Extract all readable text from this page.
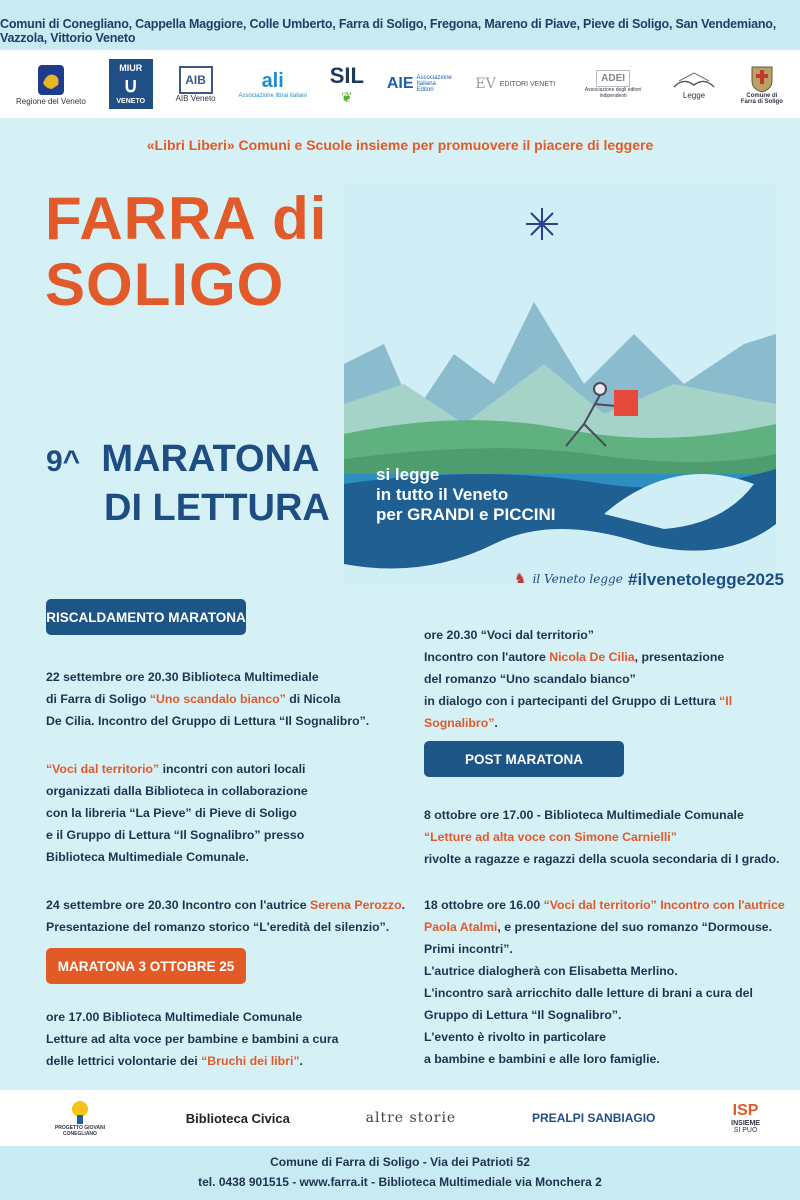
Comuni di Conegliano, Cappella Maggiore, Colle Umberto, Farra di Soligo, Fregona, Mareno di Piave, Pieve di Soligo, San Vendemiano, Vazzola, Vittorio Veneto
Regione del Veneto
MIUR
∪
VENETO
AIB
AIB Veneto
ali
Associazione librai italiani
SIL
❦
AIE Associazione Italiana Editori	EV EDITORI VENETI
ADEI
Associazione degli editori indipendenti	Legge	Comune di Farra di Soligo
«Libri Liberi» Comuni e Scuole insieme per promuovere il piacere di leggere
FARRA di
SOLIGO
9^ MARATONA
DI LETTURA
si legge
in tutto il Veneto
per GRANDI e PICCINI
♞ il Veneto legge #ilvenetolegge2025
RISCALDAMENTO MARATONA
22 settembre ore 20.30 Biblioteca Multimediale
di Farra di Soligo “Uno scandalo bianco” di Nicola
De Cilia. Incontro del Gruppo di Lettura “Il Sognalibro”.
“Voci dal territorio” incontri con autori locali
organizzati dalla Biblioteca in collaborazione
con la libreria “La Pieve” di Pieve di Soligo
e il Gruppo di Lettura “Il Sognalibro” presso
Biblioteca Multimediale Comunale.
24 settembre ore 20.30 Incontro con l'autrice Serena Perozzo.
Presentazione del romanzo storico “L'eredità del silenzio”.
MARATONA 3 OTTOBRE 25
ore 17.00 Biblioteca Multimediale Comunale
Letture ad alta voce per bambine e bambini a cura
delle lettrici volontarie dei “Bruchi dei libri”.
ore 20.30 “Voci dal territorio”
Incontro con l'autore Nicola De Cilia, presentazione
del romanzo “Uno scandalo bianco”
in dialogo con i partecipanti del Gruppo di Lettura “Il Sognalibro”.
POST MARATONA
8 ottobre ore 17.00 - Biblioteca Multimediale Comunale
“Letture ad alta voce con Simone Carnielli”
rivolte a ragazze e ragazzi della scuola secondaria di I grado.
18 ottobre ore 16.00 “Voci dal territorio” Incontro con l'autrice
Paola Atalmi, e presentazione del suo romanzo “Dormouse.
Primi incontri”.
L'autrice dialogherà con Elisabetta Merlino.
L'incontro sarà arricchito dalle letture di brani a cura del
Gruppo di Lettura “Il Sognalibro”.
L'evento è rivolto in particolare
a bambine e bambini e alle loro famiglie.
PROGETTO GIOVANI CONEGLIANO
Biblioteca Civica	altre storie	PREALPI SANBIAGIO	ISP
INSIEME
SI PUÒ
Comune di Farra di Soligo - Via dei Patrioti 52
tel. 0438 901515 - www.farra.it - Biblioteca Multimediale via Monchera 2
